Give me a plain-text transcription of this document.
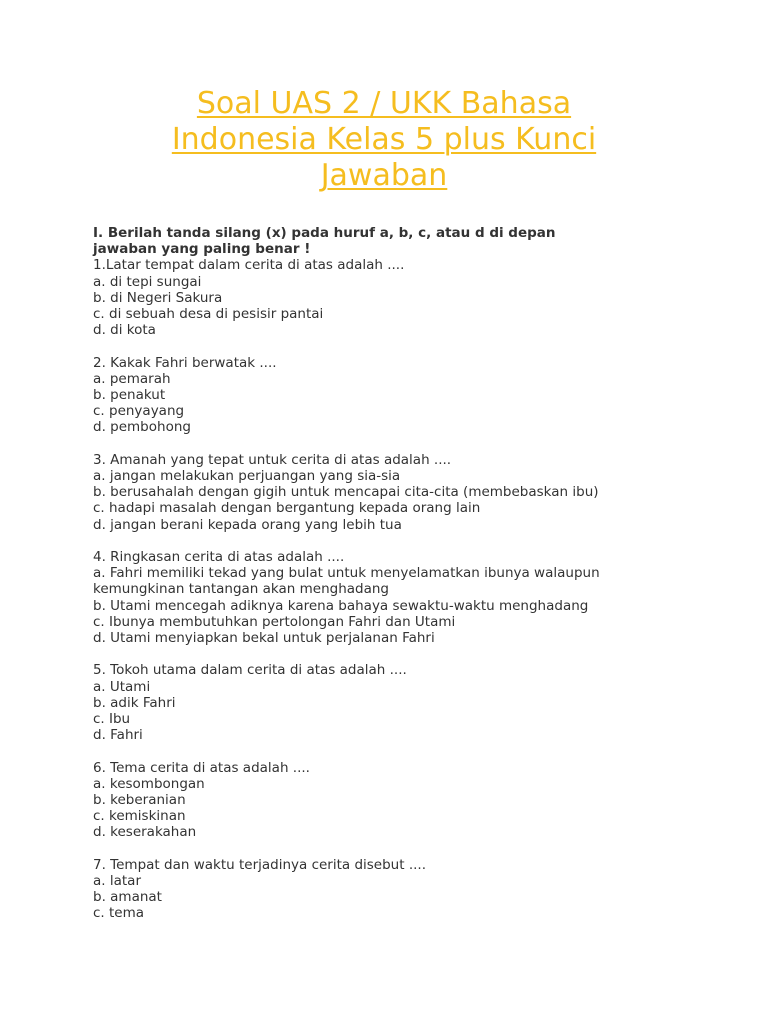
Soal UAS 2 / UKK Bahasa
Indonesia Kelas 5 plus Kunci
Jawaban

I. Berilah tanda silang (x) pada huruf a, b, c, atau d di depan
jawaban yang paling benar !

1.Latar tempat dalam cerita di atas adalah ....
a. di tepi sungai
b. di Negeri Sakura
c. di sebuah desa di pesisir pantai
d. di kota
2. Kakak Fahri berwatak ....
a. pemarah
b. penakut
c. penyayang
d. pembohong
3. Amanah yang tepat untuk cerita di atas adalah ....
a. jangan melakukan perjuangan yang sia-sia
b. berusahalah dengan gigih untuk mencapai cita-cita (membebaskan ibu)
c. hadapi masalah dengan bergantung kepada orang lain
d. jangan berani kepada orang yang lebih tua
4. Ringkasan cerita di atas adalah ....
a. Fahri memiliki tekad yang bulat untuk menyelamatkan ibunya walaupun
kemungkinan tantangan akan menghadang
b. Utami mencegah adiknya karena bahaya sewaktu-waktu menghadang
c. Ibunya membutuhkan pertolongan Fahri dan Utami
d. Utami menyiapkan bekal untuk perjalanan Fahri
5. Tokoh utama dalam cerita di atas adalah ....
a. Utami
b. adik Fahri
c. Ibu
d. Fahri
6. Tema cerita di atas adalah ....
a. kesombongan
b. keberanian
c. kemiskinan
d. keserakahan
7. Tempat dan waktu terjadinya cerita disebut ....
a. latar
b. amanat
c. tema
